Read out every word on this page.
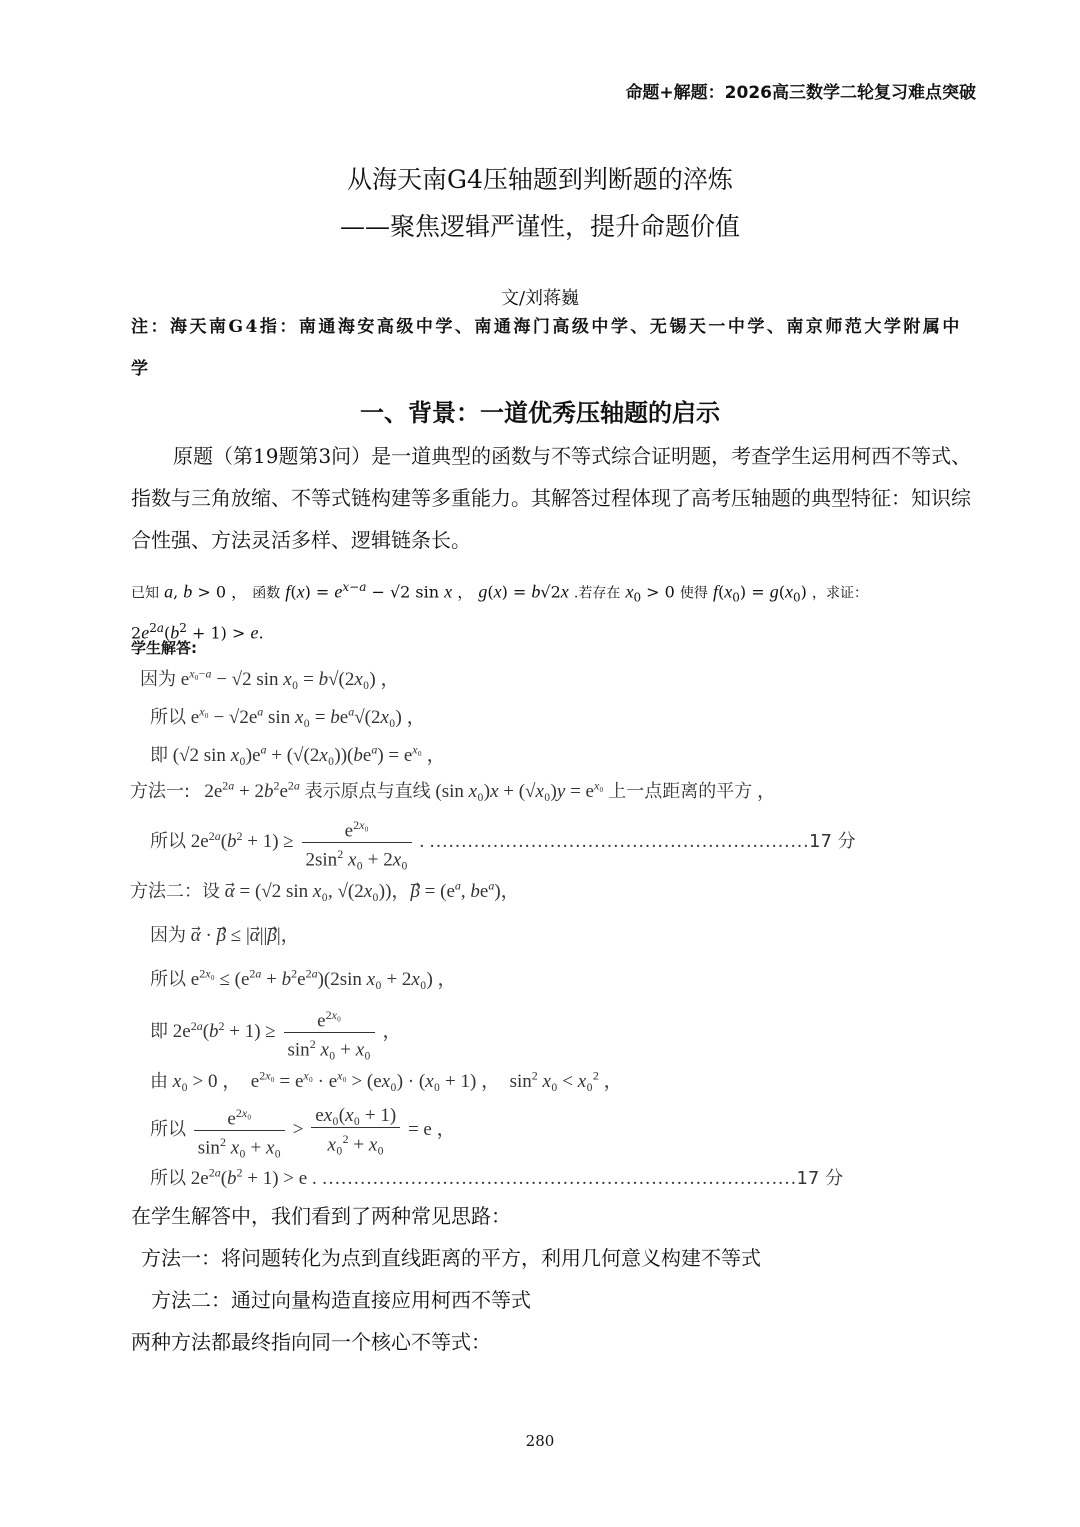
命题+解题：2026高三数学二轮复习难点突破
从海天南G4压轴题到判断题的淬炼
——聚焦逻辑严谨性，提升命题价值
文/刘蒋巍
注：海天南G4指：南通海安高级中学、南通海门高级中学、无锡天一中学、南京师范大学附属中学
一、背景：一道优秀压轴题的启示
原题（第19题第3问）是一道典型的函数与不等式综合证明题，考查学生运用柯西不等式、指数与三角放缩、不等式链构建等多重能力。其解答过程体现了高考压轴题的典型特征：知识综合性强、方法灵活多样、逻辑链条长。
已知 a, b > 0 ， 函数 $f(x) = e^{x-a} - √2$ sin x ， g(x) = b√2x .若存在 $x_0 > 0$ 使得 $f(x_0) = g(x_0)$ ，求证：
$2e^{2a}(b^2 + 1) > e$.
学生解答:
因为 $e^{x_0-a} - √2$ sin x₀ = b√(2x₀) ，
所以 $e^{x_0} - √2e^a$ $\sin x_0 = be^a√(2x_0)$ ，
即 (√2 $\sin x_0)e^a + (√(2x_0))(be^a) = e^{x_0}$ ，
方法一:   $2e^{2a} + 2b^2e^{2a}$ 表示原点与直线 (sin $x_0)x + (√x_0)y = e^{x_0}$ 上一点距离的平方 ，
所以 $2e^{2a}(b^2 + 1) \ge \frac{e^{2x_0}}{2\sin^2 x_0 + 2x_0}$ . ……………………………………………………17 分
方法二：设 α⃗ = (√2 sin x₀, √(2x₀))，β⃗ = ($e^a$, $be^a$)，
因为 α⃗ · β⃗ ≤ |α⃗||β⃗|，
所以 $e^{2x_0} \le (e^{2a} + b^2e^{2a})(2\sin$ x₀ + 2x₀) ，
即 $2e^{2a}(b^2 + 1) \ge \frac{e^{2x_0}}{\sin^2 x_0 + x_0}$ ，
由 x₀ > 0 ，  $e^{2x_0} = e^{x_0} \cdot e^{x_0} > (ex_0) \cdot (x_0 + 1)$ ，  $\sin^2 x_0 < x_0^2$ ，
所以 $\frac{e^{2x_0}}{\sin^2 x_0 + x_0} > \frac{\text{ex₀(x₀ + 1)}}{x_0^2 + x_0} = e$ ，
所以 $2e^{2a}(b^2 + 1) > e$ . …………………………………………………………………17 分
在学生解答中，我们看到了两种常见思路：
方法一：将问题转化为点到直线距离的平方，利用几何意义构建不等式
方法二：通过向量构造直接应用柯西不等式
两种方法都最终指向同一个核心不等式：
280
